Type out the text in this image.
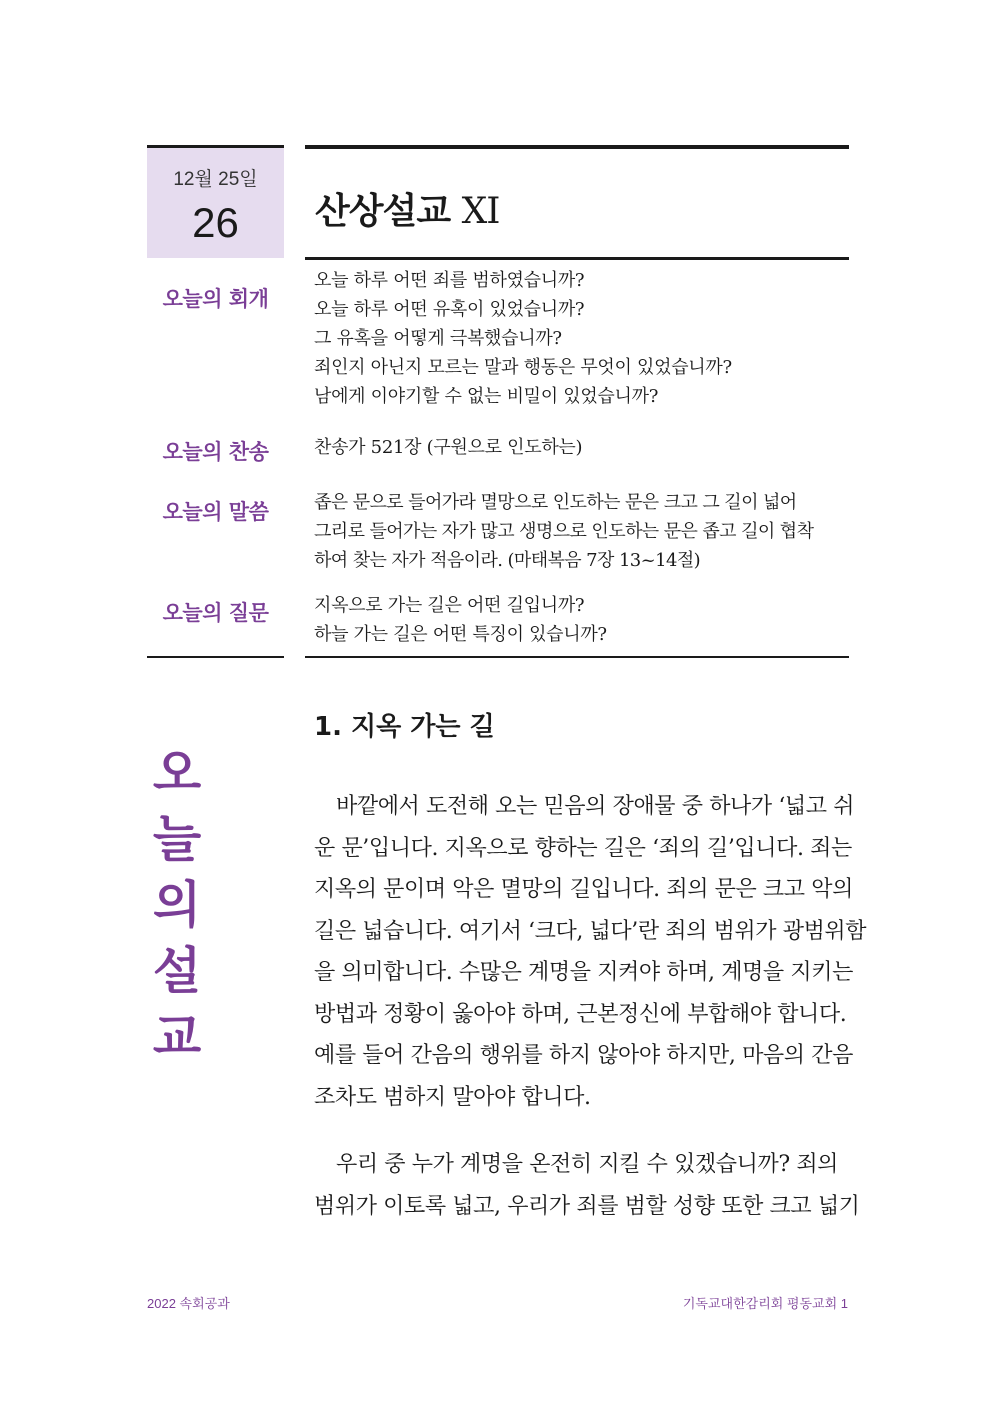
12월 25일
26	산상설교 XI
오늘의 회개
오늘 하루 어떤 죄를 범하였습니까?
오늘 하루 어떤 유혹이 있었습니까?
그 유혹을 어떻게 극복했습니까?
죄인지 아닌지 모르는 말과 행동은 무엇이 있었습니까?
남에게 이야기할 수 없는 비밀이 있었습니까?
오늘의 찬송	찬송가 521장 (구원으로 인도하는)
오늘의 말씀	좁은 문으로 들어가라 멸망으로 인도하는 문은 크고 그 길이 넓어
그리로 들어가는 자가 많고 생명으로 인도하는 문은 좁고 길이 협착
하여 찾는 자가 적음이라. (마태복음 7장 13~14절)
오늘의 질문	지옥으로 가는 길은 어떤 길입니까?
하늘 가는 길은 어떤 특징이 있습니까?
오
늘
의
설
교
1. 지옥 가는 길
바깥에서 도전해 오는 믿음의 장애물 중 하나가 ‘넓고 쉬
운 문’입니다. 지옥으로 향하는 길은 ‘죄의 길’입니다. 죄는
지옥의 문이며 악은 멸망의 길입니다. 죄의 문은 크고 악의
길은 넓습니다. 여기서 ‘크다, 넓다’란 죄의 범위가 광범위함
을 의미합니다. 수많은 계명을 지켜야 하며, 계명을 지키는
방법과 정황이 옳아야 하며, 근본정신에 부합해야 합니다.
예를 들어 간음의 행위를 하지 않아야 하지만, 마음의 간음
조차도 범하지 말아야 합니다.
우리 중 누가 계명을 온전히 지킬 수 있겠습니까? 죄의
범위가 이토록 넓고, 우리가 죄를 범할 성향 또한 크고 넓기
2022 속회공과	기독교대한감리회 평동교회 1
